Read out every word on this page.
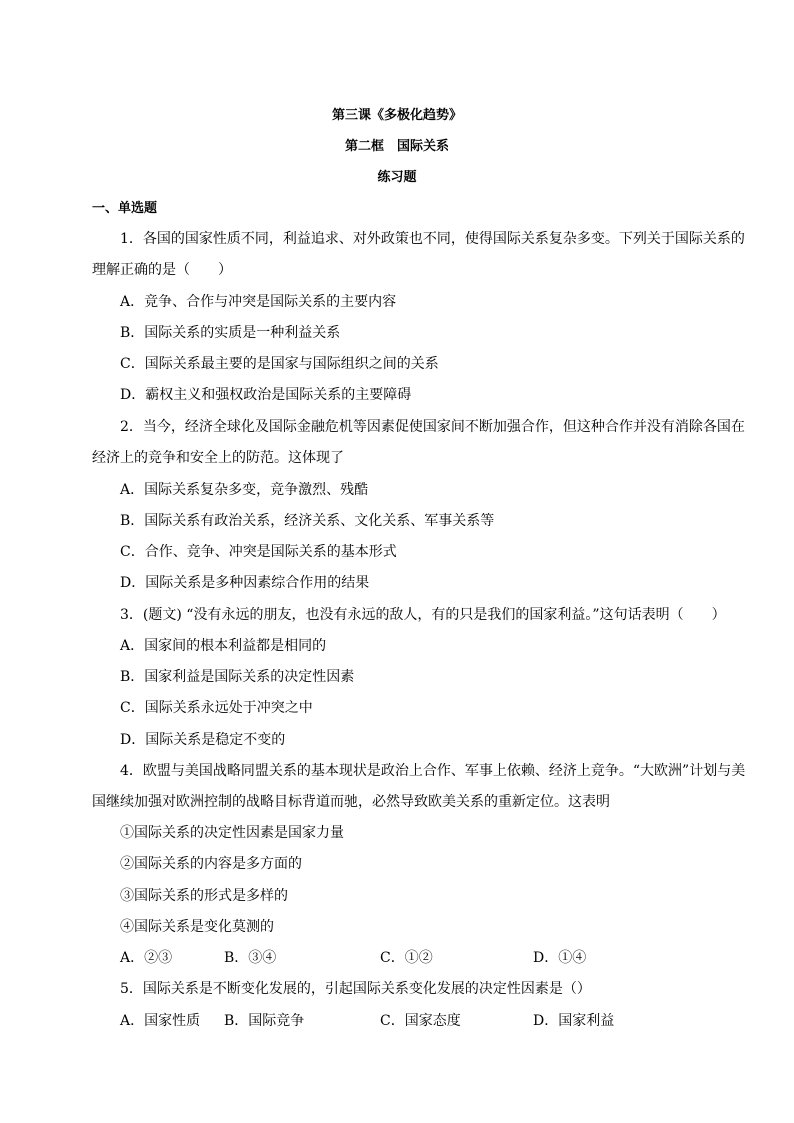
第三课《多极化趋势》
第二框　国际关系
练习题
一、单选题
1．各国的国家性质不同，利益追求、对外政策也不同，使得国际关系复杂多变。下列关于国际关系的
理解正确的是（　　）
A．竞争、合作与冲突是国际关系的主要内容
B．国际关系的实质是一种利益关系
C．国际关系最主要的是国家与国际组织之间的关系
D．霸权主义和强权政治是国际关系的主要障碍
2．当今，经济全球化及国际金融危机等因素促使国家间不断加强合作，但这种合作并没有消除各国在
经济上的竞争和安全上的防范。这体现了
A．国际关系复杂多变，竞争激烈、残酷
B．国际关系有政治关系，经济关系、文化关系、军事关系等
C．合作、竞争、冲突是国际关系的基本形式
D．国际关系是多种因素综合作用的结果
3．(题文) “没有永远的朋友，也没有永远的敌人，有的只是我们的国家利益。”这句话表明（　　）
A．国家间的根本利益都是相同的
B．国家利益是国际关系的决定性因素
C．国际关系永远处于冲突之中
D．国际关系是稳定不变的
4．欧盟与美国战略同盟关系的基本现状是政治上合作、军事上依赖、经济上竞争。“大欧洲”计划与美
国继续加强对欧洲控制的战略目标背道而驰，必然导致欧美关系的重新定位。这表明
①国际关系的决定性因素是国家力量
②国际关系的内容是多方面的
③国际关系的形式是多样的
④国际关系是变化莫测的
A．②③	B．③④	C．①②	D．①④
5．国际关系是不断变化发展的，引起国际关系变化发展的决定性因素是（）
A．国家性质 B．国际竞争	C．国家态度	D．国家利益
